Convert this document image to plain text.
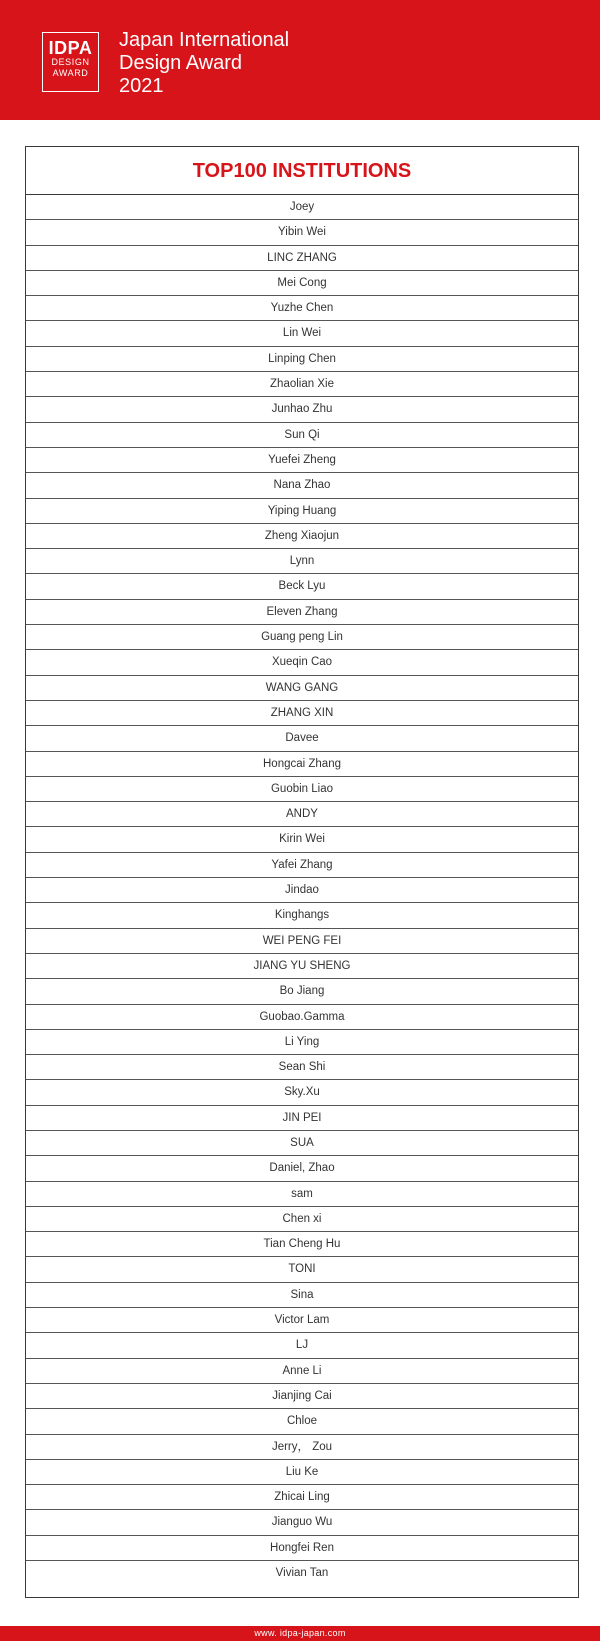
IDPA
DESIGN
AWARD
Japan International
Design Award
2021
TOP100 INSTITUTIONS
Joey
Yibin Wei
LINC ZHANG
Mei Cong
Yuzhe Chen
Lin Wei
Linping Chen
Zhaolian Xie
Junhao Zhu
Sun Qi
Yuefei Zheng
Nana Zhao
Yiping Huang
Zheng Xiaojun
Lynn
Beck Lyu
Eleven Zhang
Guang peng Lin
Xueqin Cao
WANG GANG
ZHANG XIN
Davee
Hongcai Zhang
Guobin Liao
ANDY
Kirin Wei
Yafei Zhang
Jindao
Kinghangs
WEI PENG FEI
JIANG YU SHENG
Bo Jiang
Guobao.Gamma
Li Ying
Sean Shi
Sky.Xu
JIN PEI
SUA
Daniel, Zhao
sam
Chen xi
Tian Cheng Hu
TONI
Sina
Victor Lam
LJ
Anne Li
Jianjing Cai
Chloe
Jerry， Zou
Liu Ke
Zhicai Ling
Jianguo Wu
Hongfei Ren
Vivian Tan
www. idpa-japan.com
